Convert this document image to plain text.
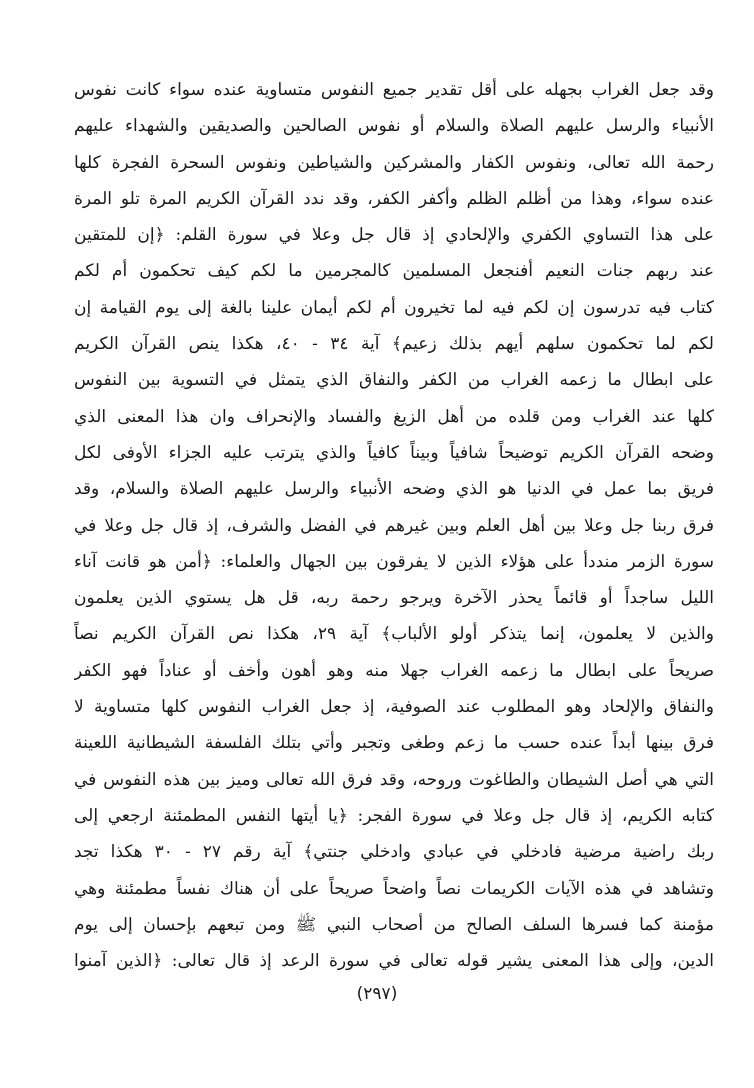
وقد جعل الغراب بجهله على أقل تقدير جميع النفوس متساوية عنده سواء كانت نفوس
الأنبياء والرسل عليهم الصلاة والسلام أو نفوس الصالحين والصديقين والشهداء عليهم
رحمة الله تعالى، ونفوس الكفار والمشركين والشياطين ونفوس السحرة الفجرة كلها
عنده سواء، وهذا من أظلم الظلم وأكفر الكفر، وقد ندد القرآن الكريم المرة تلو المرة
على هذا التساوي الكفري والإلحادي إذ قال جل وعلا في سورة القلم: ﴿إن للمتقين
عند ربهم جنات النعيم أفنجعل المسلمين كالمجرمين ما لكم كيف تحكمون أم لكم
كتاب فيه تدرسون إن لكم فيه لما تخيرون أم لكم أيمان علينا بالغة إلى يوم القيامة إن
لكم لما تحكمون سلهم أيهم بذلك زعيم﴾ آية ٣٤ - ٤٠، هكذا ينص القرآن الكريم
على ابطال ما زعمه الغراب من الكفر والنفاق الذي يتمثل في التسوية بين النفوس
كلها عند الغراب ومن قلده من أهل الزيغ والفساد والإنحراف وان هذا المعنى الذي
وضحه القرآن الكريم توضيحاً شافياً وبيناً كافياً والذي يترتب عليه الجزاء الأوفى لكل
فريق بما عمل في الدنيا هو الذي وضحه الأنبياء والرسل عليهم الصلاة والسلام، وقد
فرق ربنا جل وعلا بين أهل العلم وبين غيرهم في الفضل والشرف، إذ قال جل وعلا في
سورة الزمر منددأ على هؤلاء الذين لا يفرقون بين الجهال والعلماء: ﴿أمن هو قانت آناء
الليل ساجداً أو قائماً يحذر الآخرة ويرجو رحمة ربه، قل هل يستوي الذين يعلمون
والذين لا يعلمون، إنما يتذكر أولو الألباب﴾ آية ٢٩، هكذا نص القرآن الكريم نصاً
صريحاً على ابطال ما زعمه الغراب جهلا منه وهو أهون وأخف أو عناداً فهو الكفر
والنفاق والإلحاد وهو المطلوب عند الصوفية، إذ جعل الغراب النفوس كلها متساوية لا
فرق بينها أبداً عنده حسب ما زعم وطغى وتجبر وأتي بتلك الفلسفة الشيطانية اللعينة
التي هي أصل الشيطان والطاغوت وروحه، وقد فرق الله تعالى وميز بين هذه النفوس في
كتابه الكريم، إذ قال جل وعلا في سورة الفجر: ﴿يا أيتها النفس المطمئنة ارجعي إلى
ربك راضية مرضية فادخلي في عبادي وادخلي جنتي﴾ آية رقم ٢٧ - ٣٠ هكذا تجد
وتشاهد في هذه الآيات الكريمات نصاً واضحاً صريحاً على أن هناك نفساً مطمئنة وهي
مؤمنة كما فسرها السلف الصالح من أصحاب النبي ﷺ ومن تبعهم بإحسان إلى يوم
الدين، وإلى هذا المعنى يشير قوله تعالى في سورة الرعد إذ قال تعالى: ﴿الذين آمنوا
(٢٩٧)
